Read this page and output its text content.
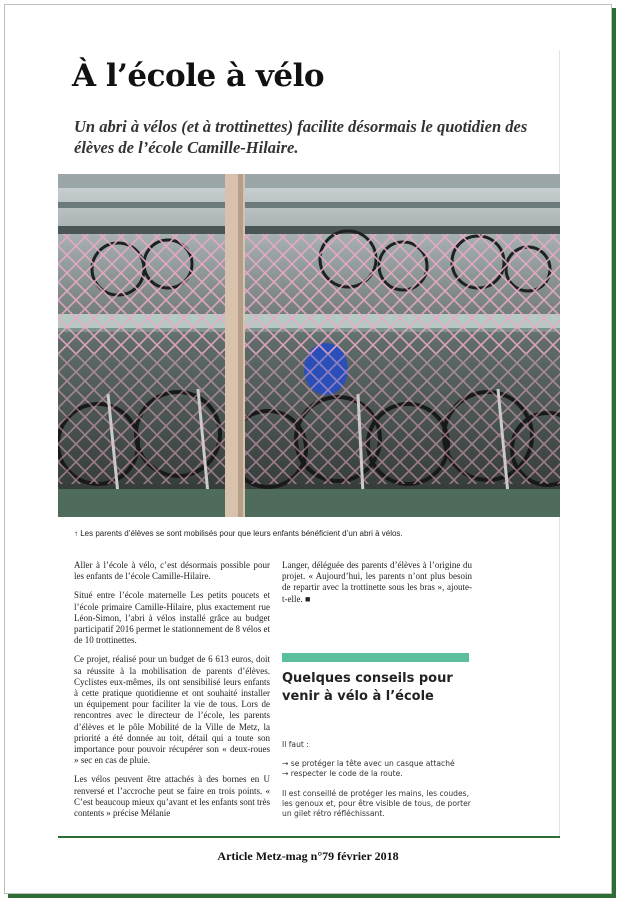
À l’école à vélo

Un abri à vélos (et à trottinettes) facilite désormais le quotidien des élèves de l’école Camille-Hilaire.

↑ Les parents d’élèves se sont mobilisés pour que leurs enfants bénéficient d’un abri à vélos.

Aller à l’école à vélo, c’est désormais possible pour les enfants de l’école Camille-Hilaire.

Situé entre l’école maternelle Les petits poucets et l’école primaire Camille-Hilaire, plus exactement rue Léon-Simon, l’abri à vélos installé grâce au budget participatif 2016 permet le stationnement de 8 vélos et de 10 trottinettes.

Ce projet, réalisé pour un budget de 6 613 euros, doit sa réussite à la mobilisation de parents d’élèves. Cyclistes eux-mêmes, ils ont sensibilisé leurs enfants à cette pratique quotidienne et ont souhaité installer un équipement pour faciliter la vie de tous. Lors de rencontres avec le directeur de l’école, les parents d’élèves et le pôle Mobilité de la Ville de Metz, la priorité a été donnée au toit, détail qui a toute son importance pour pouvoir récupérer son « deux-roues » sec en cas de pluie.

Les vélos peuvent être attachés à des bornes en U renversé et l’accroche peut se faire en trois points. « C’est beaucoup mieux qu’avant et les enfants sont très contents » précise Mélanie

Langer, déléguée des parents d’élèves à l’origine du projet. « Aujourd’hui, les parents n’ont plus besoin de repartir avec la trottinette sous les bras », ajoute-t-elle. ■

Quelques conseils pour venir à vélo à l’école

Il faut :

→ se protéger la tête avec un casque attaché
→ respecter le code de la route.

Il est conseillé de protéger les mains, les coudes, les genoux et, pour être visible de tous, de porter un gilet rétro réfléchissant.

Article Metz-mag n°79 février 2018
